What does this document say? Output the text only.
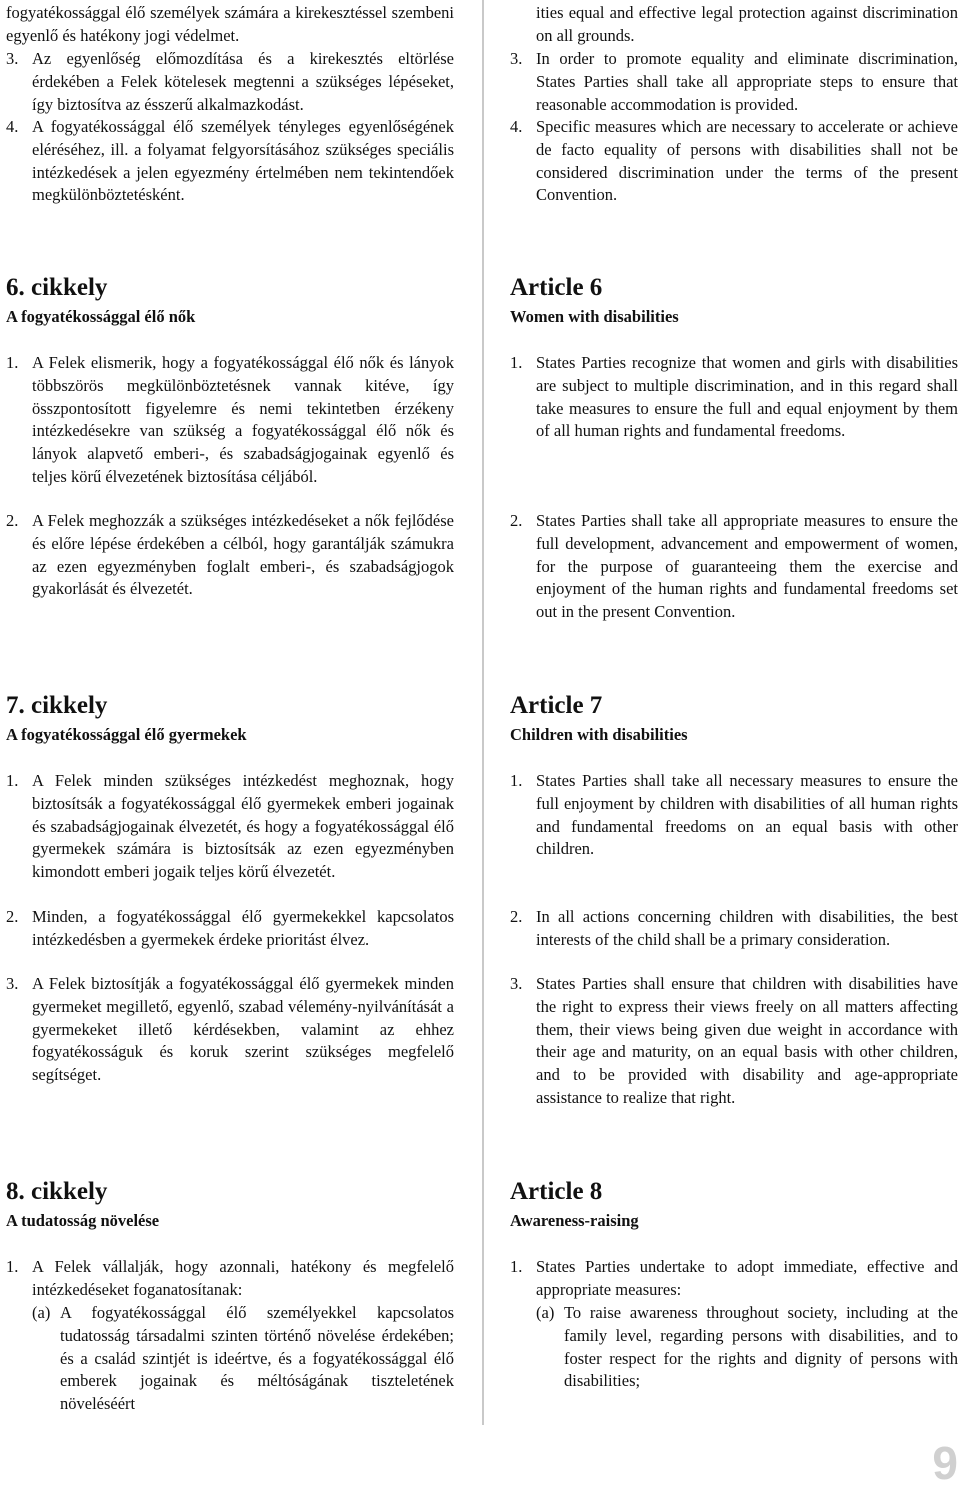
fogyatékossággal élő személyek számára a kirekesztéssel szembeni egyenlő és hatékony jogi védelmet.
3. Az egyenlőség előmozdítása és a kirekesztés eltörlése érdekében a Felek kötelesek megtenni a szükséges lépéseket, így biztosítva az ésszerű alkalmazkodást.
4. A fogyatékossággal élő személyek tényleges egyenlőségének eléréséhez, ill. a folyamat felgyorsításához szükséges speciális intézkedések a jelen egyezmény értelmében nem tekintendőek megkülönböztetésként.
6. cikkely
A fogyatékossággal élő nők
1. A Felek elismerik, hogy a fogyatékossággal élő nők és lányok többszörös megkülönböztetésnek vannak kitéve, így összpontosított figyelemre és nemi tekintetben érzékeny intézkedésekre van szükség a fogyatékossággal élő nők és lányok alapvető emberi-, és szabadságjogainak egyenlő és teljes körű élvezetének biztosítása céljából.
2. A Felek meghozzák a szükséges intézkedéseket a nők fejlődése és előre lépése érdekében a célból, hogy garantálják számukra az ezen egyezményben foglalt emberi-, és szabadságjogok gyakorlását és élvezetét.
7. cikkely
A fogyatékossággal élő gyermekek
1. A Felek minden szükséges intézkedést meghoznak, hogy biztosítsák a fogyatékossággal élő gyermekek emberi jogainak és szabadságjogainak élvezetét, és hogy a fogyatékossággal élő gyermekek számára is biztosítsák az ezen egyezményben kimondott emberi jogaik teljes körű élvezetét.
2. Minden, a fogyatékossággal élő gyermekekkel kapcsolatos intézkedésben a gyermekek érdeke prioritást élvez.
3. A Felek biztosítják a fogyatékossággal élő gyermekek minden gyermeket megillető, egyenlő, szabad vélemény-nyilvánítását a gyermekeket illető kérdésekben, valamint az ehhez fogyatékosságuk és koruk szerint szükséges megfelelő segítséget.
8. cikkely
A tudatosság növelése
1. A Felek vállalják, hogy azonnali, hatékony és megfelelő intézkedéseket foganatosítanak:
(a) A fogyatékossággal élő személyekkel kapcsolatos tudatosság társadalmi szinten történő növelése érdekében; és a család szintjét is ideértve, és a fogyatékossággal élő emberek jogainak és méltóságának tiszteletének növeléséért
ities equal and effective legal protection against discrimination on all grounds.
3. In order to promote equality and eliminate discrimination, States Parties shall take all appropriate steps to ensure that reasonable accommodation is provided.
4. Specific measures which are necessary to accelerate or achieve de facto equality of persons with disabilities shall not be considered discrimination under the terms of the present Convention.
Article 6
Women with disabilities
1. States Parties recognize that women and girls with disabilities are subject to multiple discrimination, and in this regard shall take measures to ensure the full and equal enjoyment by them of all human rights and fundamental freedoms.
2. States Parties shall take all appropriate measures to ensure the full development, advancement and empowerment of women, for the purpose of guaranteeing them the exercise and enjoyment of the human rights and fundamental freedoms set out in the present Convention.
Article 7
Children with disabilities
1. States Parties shall take all necessary measures to ensure the full enjoyment by children with disabilities of all human rights and fundamental freedoms on an equal basis with other children.
2. In all actions concerning children with disabilities, the best interests of the child shall be a primary consideration.
3. States Parties shall ensure that children with disabilities have the right to express their views freely on all matters affecting them, their views being given due weight in accordance with their age and maturity, on an equal basis with other children, and to be provided with disability and age-appropriate assistance to realize that right.
Article 8
Awareness-raising
1. States Parties undertake to adopt immediate, effective and appropriate measures:
(a) To raise awareness throughout society, including at the family level, regarding persons with disabilities, and to foster respect for the rights and dignity of persons with disabilities;
9
